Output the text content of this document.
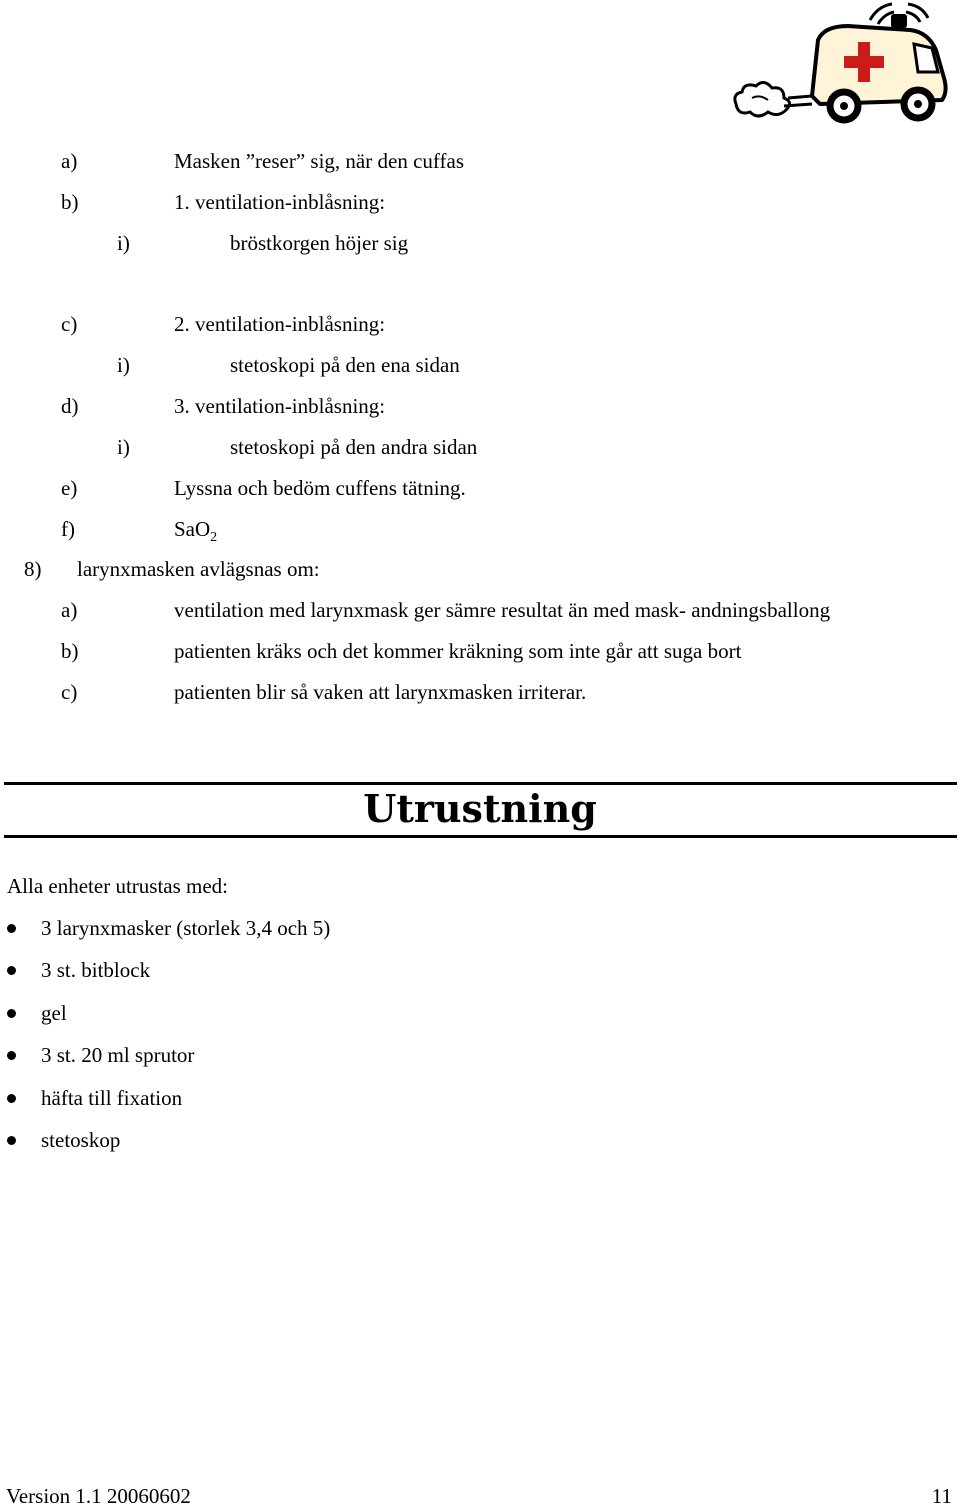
a)	Masken ”reser” sig, när den cuffas
b)	1. ventilation-inblåsning:
i)	bröstkorgen höjer sig
c)	2. ventilation-inblåsning:
i)	stetoskopi på den ena sidan
d)	3. ventilation-inblåsning:
i)	stetoskopi på den andra sidan
e)	Lyssna och bedöm cuffens tätning.
f)	SaO$_2$
8) larynxmasken avlägsnas om:
a)	ventilation med larynxmask ger sämre resultat än med mask- andningsballong
b)	patienten kräks och det kommer kräkning som inte går att suga bort
c)	patienten blir så vaken att larynxmasken irriterar.
Utrustning
Alla enheter utrustas med:
3 larynxmasker (storlek 3,4 och 5)
3 st. bitblock
gel
3 st. 20 ml sprutor
häfta till fixation
stetoskop
Version 1.1 20060602	11
